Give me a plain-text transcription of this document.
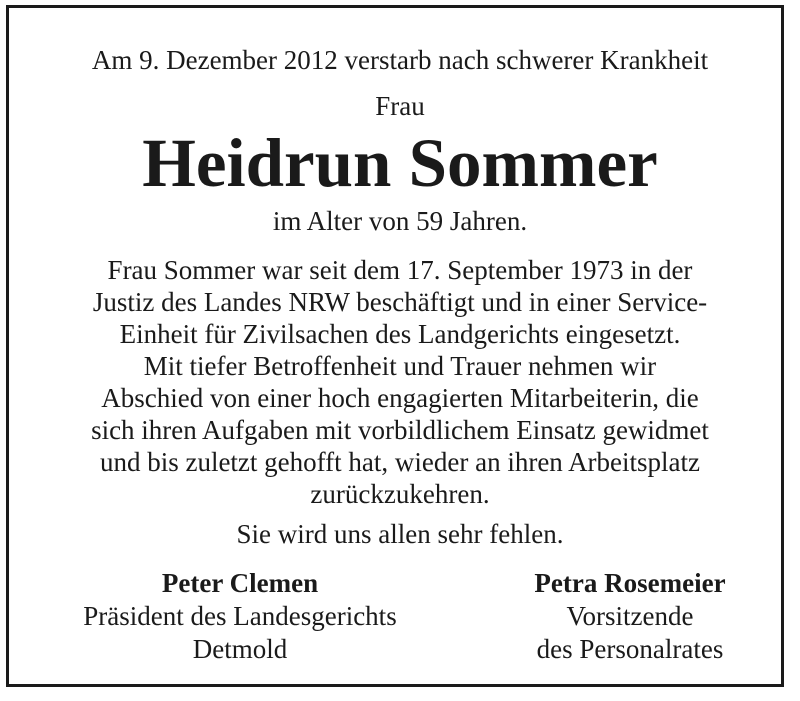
Am 9. Dezember 2012 verstarb nach schwerer Krankheit
Frau
Heidrun Sommer
im Alter von 59 Jahren.
Frau Sommer war seit dem 17. September 1973 in der
Justiz des Landes NRW beschäftigt und in einer Service-
Einheit für Zivilsachen des Landgerichts eingesetzt.
Mit tiefer Betroffenheit und Trauer nehmen wir
Abschied von einer hoch engagierten Mitarbeiterin, die
sich ihren Aufgaben mit vorbildlichem Einsatz gewidmet
und bis zuletzt gehofft hat, wieder an ihren Arbeitsplatz
zurückzukehren.
Sie wird uns allen sehr fehlen.
Peter Clemen
Präsident des Landesgerichts
Detmold
Petra Rosemeier
Vorsitzende
des Personalrates
